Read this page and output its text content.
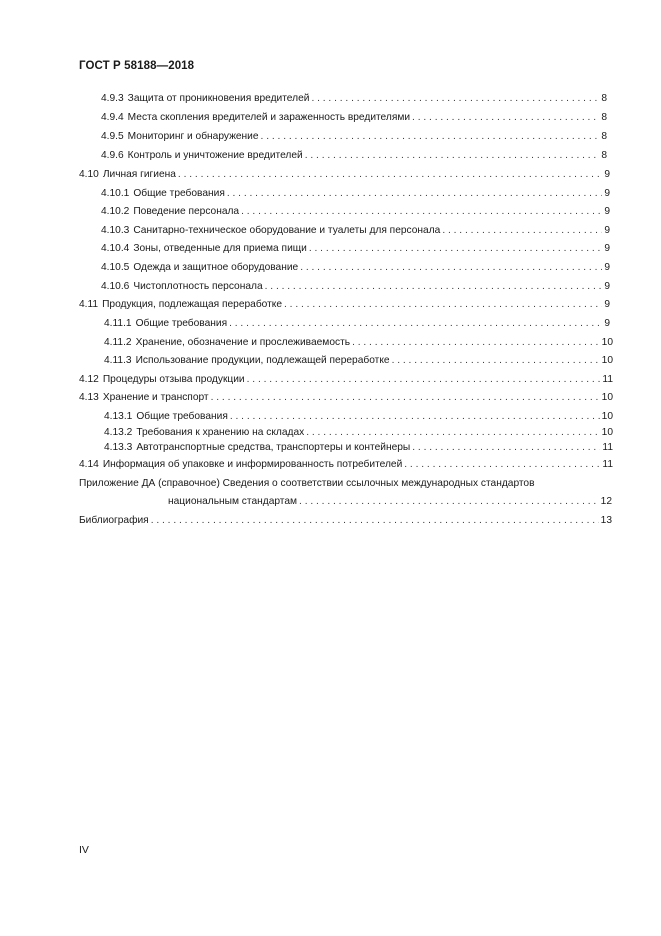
ГОСТ Р 58188—2018
4.9.3 Защита от проникновения вредителей . . .	8
4.9.4 Места скопления вредителей и зараженность вредителями . . .	8
4.9.5 Мониторинг и обнаружение . . .	8
4.9.6 Контроль и уничтожение вредителей . . .	8
4.10 Личная гигиена . . .	9
4.10.1 Общие требования . . .	9
4.10.2 Поведение персонала . . .	9
4.10.3 Санитарно-техническое оборудование и туалеты для персонала . . .	9
4.10.4 Зоны, отведенные для приема пищи . . .	9
4.10.5 Одежда и защитное оборудование . . .	9
4.10.6 Чистоплотность персонала . . .	9
4.11 Продукция, подлежащая переработке . . .	9
4.11.1 Общие требования . . .	9
4.11.2 Хранение, обозначение и прослеживаемость . . .	10
4.11.3 Использование продукции, подлежащей переработке . . .	10
4.12 Процедуры отзыва продукции . . .	11
4.13 Хранение и транспорт . . .	10
4.13.1 Общие требования . . .	10
4.13.2 Требования к хранению на складах . . .	10
4.13.3 Автотранспортные средства, транспортеры и контейнеры . . .	11
4.14 Информация об упаковке и информированность потребителей . . .	11
Приложение ДА (справочное) Сведения о соответствии ссылочных международных стандартов
национальным стандартам . . .	12
Библиография . . .	13
IV
